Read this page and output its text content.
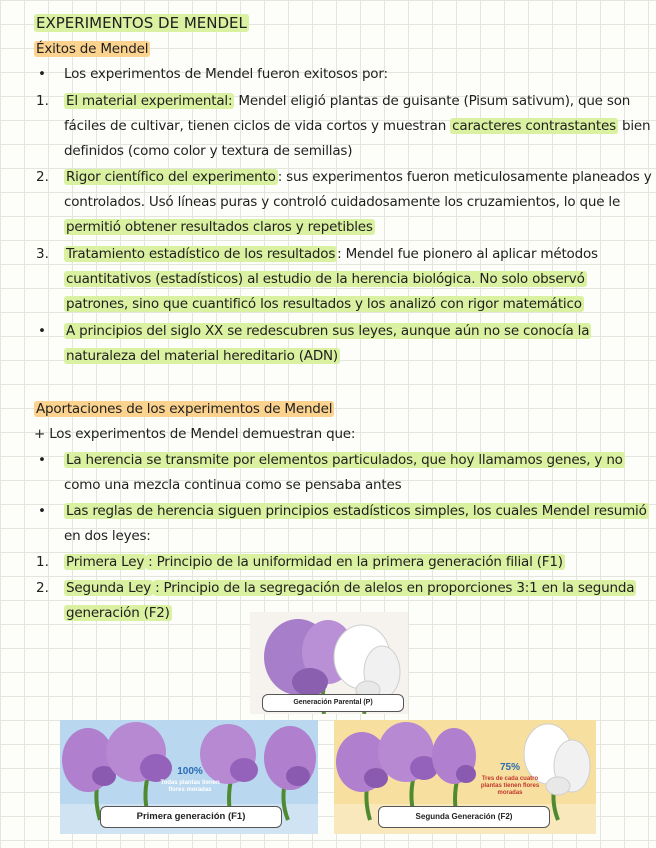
EXPERIMENTOS DE MENDEL
Éxitos de Mendel
• Los experimentos de Mendel fueron exitosos por:
1. El material experimental: Mendel eligió plantas de guisante (Pisum sativum), que son
fáciles de cultivar, tienen ciclos de vida cortos y muestran caracteres contrastantes bien
definidos (como color y textura de semillas)
2. Rigor científico del experimento : sus experimentos fueron meticulosamente planeados y
controlados. Usó líneas puras y controló cuidadosamente los cruzamientos, lo que le
permitió obtener resultados claros y repetibles
3. Tratamiento estadístico de los resultados : Mendel fue pionero al aplicar métodos
cuantitativos (estadísticos) al estudio de la herencia biológica. No solo observó
patrones, sino que cuantificó los resultados y los analizó con rigor matemático
• A principios del siglo XX se redescubren sus leyes, aunque aún no se conocía la
naturaleza del material hereditario (ADN)
Aportaciones de los experimentos de Mendel
+ Los experimentos de Mendel demuestran que:
• La herencia se transmite por elementos particulados, que hoy llamamos genes, y no
como una mezcla continua como se pensaba antes
• Las reglas de herencia siguen principios estadísticos simples, los cuales Mendel resumió
en dos leyes:
1. Primera Ley : Principio de la uniformidad en la primera generación filial (F1)
2. Segunda Ley : Principio de la segregación de alelos en proporciones 3:1 en la segunda
generación (F2)
Generación Parental (P)
100%
Todas plantas tienen flores moradas
Primera generación (F1)
75%
Tres de cada cuatro plantas tienen flores moradas
Segunda Generación (F2)
